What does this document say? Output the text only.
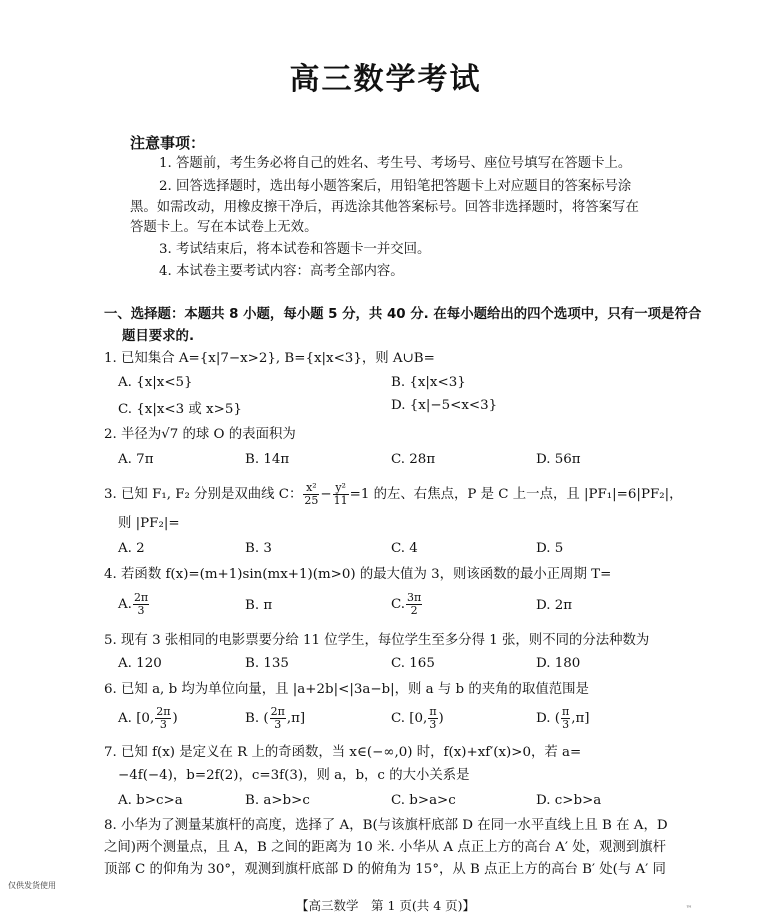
高三数学考试
注意事项：
1. 答题前，考生务必将自己的姓名、考生号、考场号、座位号填写在答题卡上。
2. 回答选择题时，选出每小题答案后，用铅笔把答题卡上对应题目的答案标号涂
黑。如需改动，用橡皮擦干净后，再选涂其他答案标号。回答非选择题时，将答案写在
答题卡上。写在本试卷上无效。
3. 考试结束后，将本试卷和答题卡一并交回。
4. 本试卷主要考试内容：高考全部内容。
一、选择题：本题共 8 小题，每小题 5 分，共 40 分. 在每小题给出的四个选项中，只有一项是符合
题目要求的.
1. 已知集合 A={x|7−x>2}, B={x|x<3}，则 A∪B=
A. {x|x<5}	B. {x|x<3}
C. {x|x<3 或 x>5}	D. {x|−5<x<3}
2. 半径为√7 的球 O 的表面积为
A. 7π	B. 14π	C. 28π	D. 56π
3. 已知 F₁, F₂ 分别是双曲线 C： $\frac{\text{x²}}{25} - \frac{\text{y²}}{11} =1$ 的左、右焦点，P 是 C 上一点，且 |PF₁|=6|PF₂|，
则 |PF₂|=
A. 2	B. 3	C. 4	D. 5
4. 若函数 f(x)=(m+1)sin(mx+1)(m>0) 的最大值为 3，则该函数的最小正周期 T=
A. $\frac{2\pi}{3}$	B. π	C. $\frac{3\pi}{2}$	D. 2π
5. 现有 3 张相同的电影票要分给 11 位学生，每位学生至多分得 1 张，则不同的分法种数为
A. 120	B. 135	C. 165	D. 180
6. 已知 a, b 均为单位向量，且 |a+2b|<|3a−b|，则 a 与 b 的夹角的取值范围是
A. [0, $\frac{2\pi}{3}$ )	B. ( $\frac{2\pi}{3} ,\pi$]	C. [0, $\frac{\pi}{3}$ )	D. ( $\frac{\pi}{3} ,\pi$]
7. 已知 f(x) 是定义在 R 上的奇函数，当 x∈(−∞,0) 时，f(x)+xf′(x)>0，若 a=
−4f(−4)，b=2f(2)，c=3f(3)，则 a，b，c 的大小关系是
A. b>c>a	B. a>b>c	C. b>a>c	D. c>b>a
8. 小华为了测量某旗杆的高度，选择了 A，B(与该旗杆底部 D 在同一水平直线上且 B 在 A，D
之间)两个测量点，且 A，B 之间的距离为 10 米. 小华从 A 点正上方的高台 A′ 处，观测到旗杆
顶部 C 的仰角为 30°，观测到旗杆底部 D 的俯角为 15°，从 B 点正上方的高台 B′ 处(与 A′ 同
仅供发货使用
【高三数学　第 1 页(共 4 页)】	™
